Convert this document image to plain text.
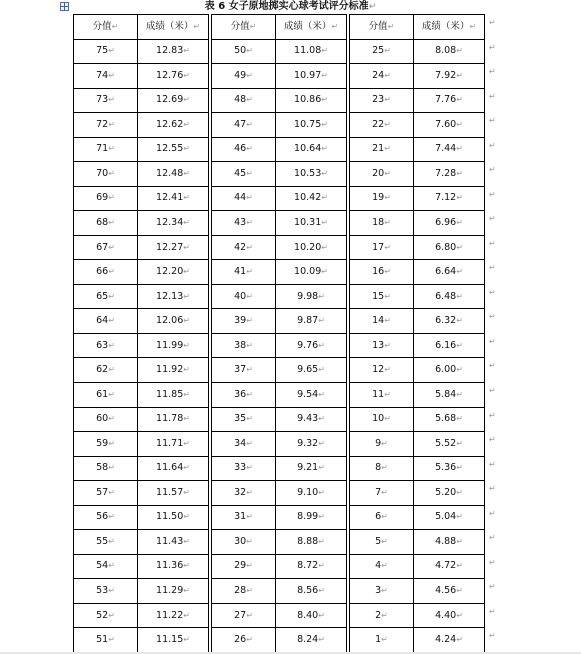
表 6 女子原地掷实心球考试评分标准↵
分值↵	成绩（米）↵		分值↵	成绩（米）↵		分值↵	成绩（米）↵
75↵	12.83↵		50↵	11.08↵		25↵	8.08↵
74↵	12.76↵		49↵	10.97↵		24↵	7.92↵
73↵	12.69↵		48↵	10.86↵		23↵	7.76↵
72↵	12.62↵		47↵	10.75↵		22↵	7.60↵
71↵	12.55↵		46↵	10.64↵		21↵	7.44↵
70↵	12.48↵		45↵	10.53↵		20↵	7.28↵
69↵	12.41↵		44↵	10.42↵		19↵	7.12↵
68↵	12.34↵		43↵	10.31↵		18↵	6.96↵
67↵	12.27↵		42↵	10.20↵		17↵	6.80↵
66↵	12.20↵		41↵	10.09↵		16↵	6.64↵
65↵	12.13↵		40↵	9.98↵		15↵	6.48↵
64↵	12.06↵		39↵	9.87↵		14↵	6.32↵
63↵	11.99↵		38↵	9.76↵		13↵	6.16↵
62↵	11.92↵		37↵	9.65↵		12↵	6.00↵
61↵	11.85↵		36↵	9.54↵		11↵	5.84↵
60↵	11.78↵		35↵	9.43↵		10↵	5.68↵
59↵	11.71↵		34↵	9.32↵		9↵	5.52↵
58↵	11.64↵		33↵	9.21↵		8↵	5.36↵
57↵	11.57↵		32↵	9.10↵		7↵	5.20↵
56↵	11.50↵		31↵	8.99↵		6↵	5.04↵
55↵	11.43↵		30↵	8.88↵		5↵	4.88↵
54↵	11.36↵		29↵	8.72↵		4↵	4.72↵
53↵	11.29↵		28↵	8.56↵		3↵	4.56↵
52↵	11.22↵		27↵	8.40↵		2↵	4.40↵
51↵	11.15↵		26↵	8.24↵		1↵	4.24↵
↵
↵
↵
↵
↵
↵
↵
↵
↵
↵
↵
↵
↵
↵
↵
↵
↵
↵
↵
↵
↵
↵
↵
↵
↵
↵
